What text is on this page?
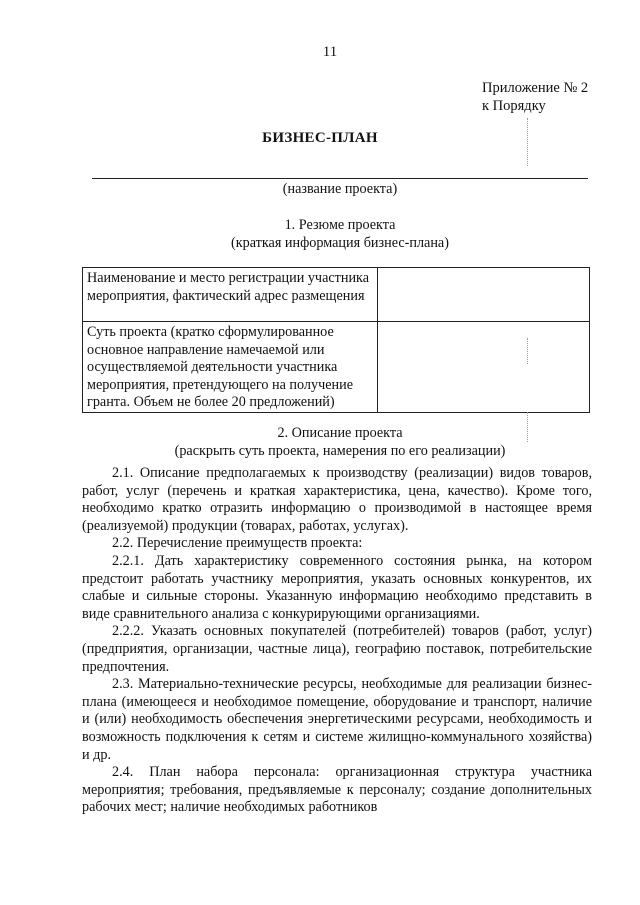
11
Приложение № 2
к Порядку
БИЗНЕС-ПЛАН
(название проекта)
1. Резюме проекта
(краткая информация бизнес-плана)
Наименование и место регистрации участника мероприятия, фактический адрес размещения	
Суть проекта (кратко сформулированное основное направление намечаемой или осуществляемой деятельности участника мероприятия, претендующего на получение гранта. Объем не более 20 предложений)	
2. Описание проекта
(раскрыть суть проекта, намерения по его реализации)

2.1. Описание предполагаемых к производству (реализации) видов товаров, работ, услуг (перечень и краткая характеристика, цена, качество). Кроме того, необходимо кратко отразить информацию о производимой в настоящее время (реализуемой) продукции (товарах, работах, услугах).

2.2. Перечисление преимуществ проекта:

2.2.1. Дать характеристику современного состояния рынка, на котором предстоит работать участнику мероприятия, указать основных конкурентов, их слабые и сильные стороны. Указанную информацию необходимо представить в виде сравнительного анализа с конкурирующими организациями.

2.2.2. Указать основных покупателей (потребителей) товаров (работ, услуг) (предприятия, организации, частные лица), географию поставок, потребительские предпочтения.

2.3. Материально-технические ресурсы, необходимые для реализации бизнес-плана (имеющееся и необходимое помещение, оборудование и транспорт, наличие и (или) необходимость обеспечения энергетическими ресурсами, необходимость и возможность подключения к сетям и системе жилищно-коммунального хозяйства) и др.

2.4. План набора персонала: организационная структура участника мероприятия; требования, предъявляемые к персоналу; создание дополнительных рабочих мест; наличие необходимых работников
